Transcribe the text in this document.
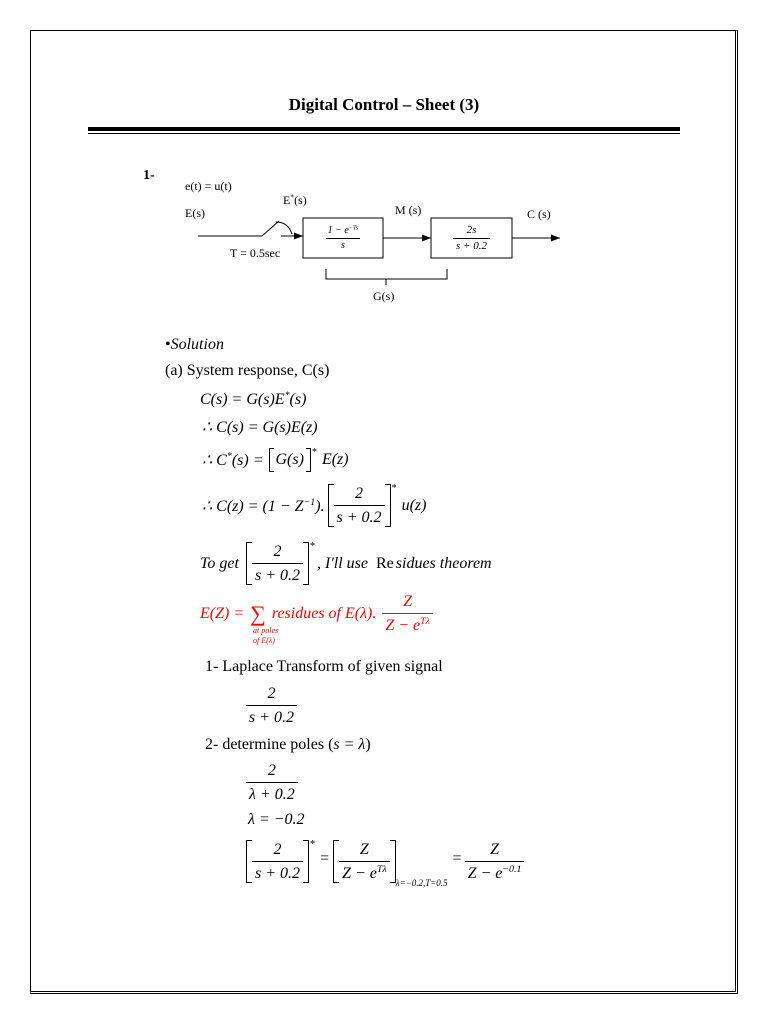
Digital Control – Sheet (3)
1-
e(t) = u(t)
E*(s)
E(s)	M (s)	C (s)
T = 0.5sec
G(s)
$\frac{1 - e^{-Ts}}{s}$	$\frac{2s}{s + 0.2}$
•Solution
(a) System response, C(s)
C(s) = G(s)E*(s)
∴ C(s) = G(s)E(z)
∴ C*(s) = G(s) * E(z)
∴ $C(z) = (1 - Z^{-1})$. $\frac{2}{s + 0.2}$ *
u(z)
To get $\frac{2}{s + 0.2}$ *
, I'll use Re sidues theorem
E(Z) = ∑ residues of E(λ). $\frac{Z}{Z - e^{T\lambda}}$
at poles
of E(λ)
1- Laplace Transform of given signal
$\frac{2}{s + 0.2}$
2- determine poles (s = λ)
$\frac{2}{\lambda + 0.2}$
λ = −0.2
$\frac{2}{s + 0.2}$ *
= $\frac{Z}{Z - e^{T\lambda}} \lambda=-0.2,T=0.5$
= $\frac{Z}{Z - e^{-0.1}}$
